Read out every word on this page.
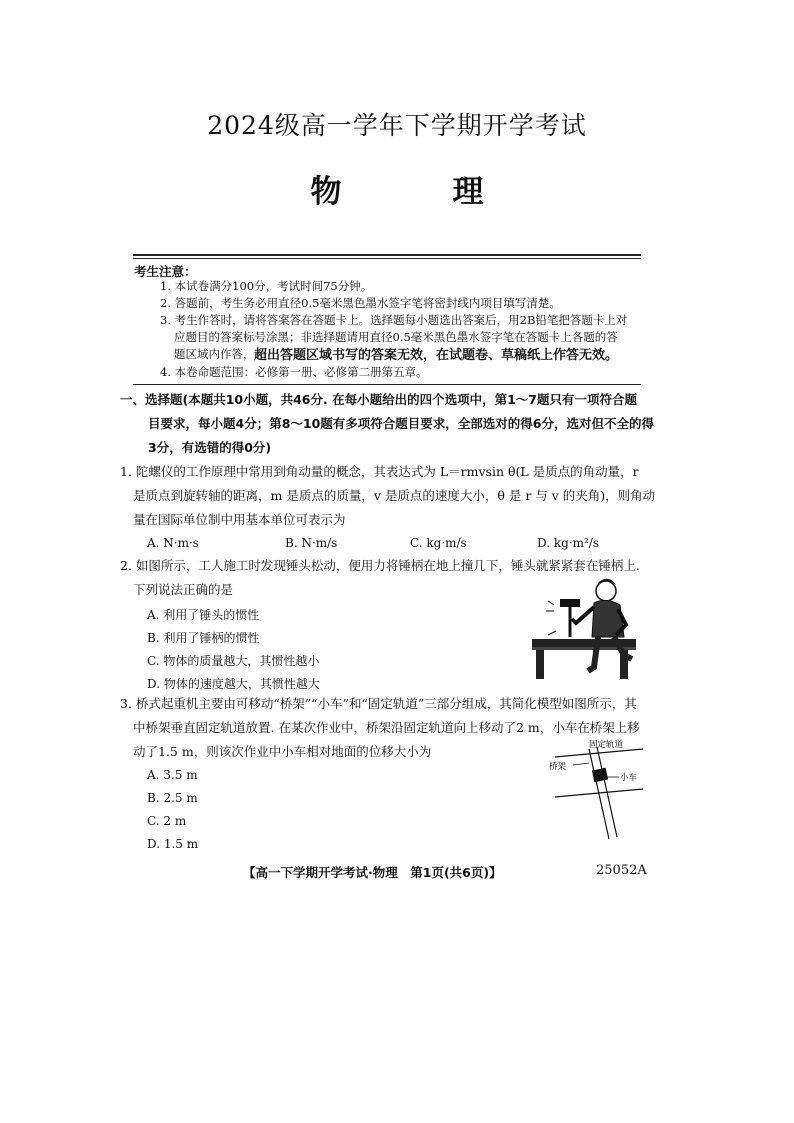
2024级高一学年下学期开学考试
物　理
考生注意：
1. 本试卷满分100分，考试时间75分钟。
2. 答题前，考生务必用直径0.5毫米黑色墨水签字笔将密封线内项目填写清楚。
3. 考生作答时，请将答案答在答题卡上。选择题每小题选出答案后，用2B铅笔把答题卡上对
应题目的答案标号涂黑；非选择题请用直径0.5毫米黑色墨水签字笔在答题卡上各题的答
题区域内作答， 超出答题区域书写的答案无效，在试题卷、草稿纸上作答无效。
4. 本卷命题范围：必修第一册、必修第二册第五章。
一、选择题(本题共10小题，共46分. 在每小题给出的四个选项中，第1～7题只有一项符合题
目要求，每小题4分；第8～10题有多项符合题目要求，全部选对的得6分，选对但不全的得
3分，有选错的得0分)
1. 陀螺仪的工作原理中常用到角动量的概念，其表达式为 L＝rmvsin θ(L 是质点的角动量，r
是质点到旋转轴的距离，m 是质点的质量，v 是质点的速度大小，θ 是 r 与 v 的夹角)，则角动
量在国际单位制中用基本单位可表示为
A. N·m·s	B. N·m/s	C. kg·m/s	D. kg·m²/s
2. 如图所示，工人施工时发现锤头松动，便用力将锤柄在地上撞几下，锤头就紧紧套在锤柄上.
下列说法正确的是
A. 利用了锤头的惯性
B. 利用了锤柄的惯性
C. 物体的质量越大，其惯性越小
D. 物体的速度越大，其惯性越大
3. 桥式起重机主要由可移动“桥架”“小车”和“固定轨道”三部分组成，其简化模型如图所示，其
中桥架垂直固定轨道放置. 在某次作业中，桥架沿固定轨道向上移动了2 m，小车在桥架上移
动了1.5 m，则该次作业中小车相对地面的位移大小为
A. 3.5 m
B. 2.5 m
C. 2 m
D. 1.5 m
固定轨道
桥架
小车
【高一下学期开学考试·物理　第1页(共6页)】	25052A
